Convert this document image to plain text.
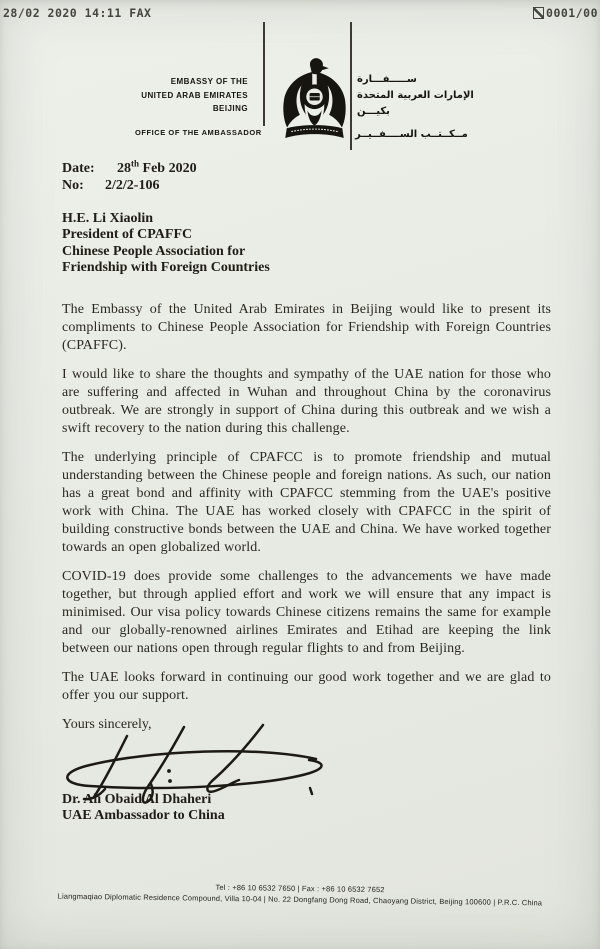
28/02 2020 14:11 FAX	0001/00
EMBASSY OF THE
UNITED ARAB EMIRATES
BEIJING
OFFICE OF THE AMBASSADOR
ســـــفـــارة
الإمارات العربية المتحدة
بكيـــن
مــكــتــب الســــفــيــر
Date: 28th Feb 2020
No: 2/2/2-106
H.E. Li Xiaolin
President of CPAFFC
Chinese People Association for
Friendship with Foreign Countries

The Embassy of the United Arab Emirates in Beijing would like to present its compliments to Chinese People Association for Friendship with Foreign Countries (CPAFFC).

I would like to share the thoughts and sympathy of the UAE nation for those who are suffering and affected in Wuhan and throughout China by the coronavirus outbreak. We are strongly in support of China during this outbreak and we wish a swift recovery to the nation during this challenge.

The underlying principle of CPAFCC is to promote friendship and mutual understanding between the Chinese people and foreign nations. As such, our nation has a great bond and affinity with CPAFCC stemming from the UAE's positive work with China. The UAE has worked closely with CPAFCC in the spirit of building constructive bonds between the UAE and China. We have worked together towards an open globalized world.

COVID-19 does provide some challenges to the advancements we have made together, but through applied effort and work we will ensure that any impact is minimised. Our visa policy towards Chinese citizens remains the same for example and our globally-renowned airlines Emirates and Etihad are keeping the link between our nations open through regular flights to and from Beijing.

The UAE looks forward in continuing our good work together and we are glad to offer you our support.

Yours sincerely,
Dr. Ali Obaid Al Dhaheri
UAE Ambassador to China
Tel : +86 10 6532 7650 | Fax : +86 10 6532 7652
Liangmaqiao Diplomatic Residence Compound, Villa 10-04 | No. 22 Dongfang Dong Road, Chaoyang District, Beijing 100600 | P.R.C. China
